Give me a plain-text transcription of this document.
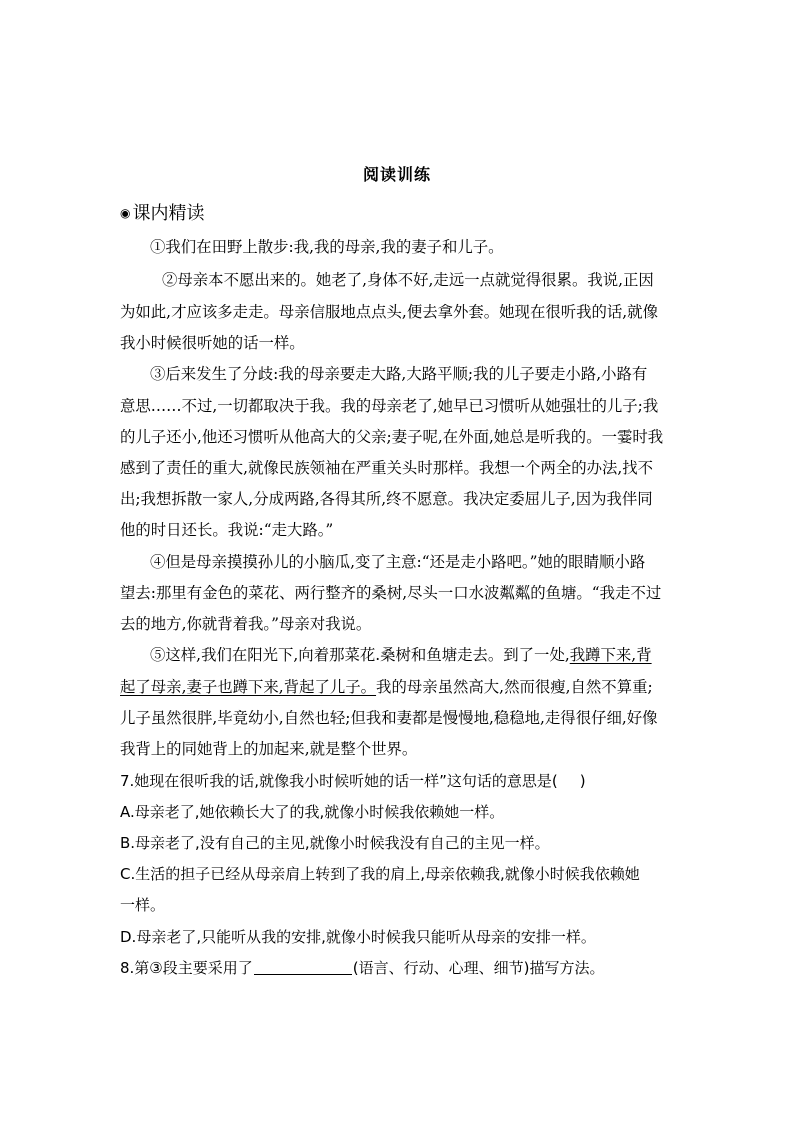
阅读训练
◉ 课内精读
①我们在田野上散步:我,我的母亲,我的妻子和儿子。
②母亲本不愿出来的。她老了,身体不好,走远一点就觉得很累。我说,正因
为如此,才应该多走走。母亲信服地点点头,便去拿外套。她现在很听我的话,就像
我小时候很听她的话一样。
③后来发生了分歧:我的母亲要走大路,大路平顺;我的儿子要走小路,小路有
意思……不过,一切都取决于我。我的母亲老了,她早已习惯听从她强壮的儿子;我
的儿子还小,他还习惯听从他高大的父亲;妻子呢,在外面,她总是听我的。一霎时我
感到了责任的重大,就像民族领袖在严重关头时那样。我想一个两全的办法,找不
出;我想拆散一家人,分成两路,各得其所,终不愿意。我决定委屈儿子,因为我伴同
他的时日还长。我说:“走大路。”
④但是母亲摸摸孙儿的小脑瓜,变了主意:“还是走小路吧。”她的眼睛顺小路
望去:那里有金色的菜花、两行整齐的桑树,尽头一口水波粼粼的鱼塘。“我走不过
去的地方,你就背着我。”母亲对我说。
⑤这样,我们在阳光下,向着那菜花.桑树和鱼塘走去。到了一处,我蹲下来,背
起了母亲,妻子也蹲下来,背起了儿子。我的母亲虽然高大,然而很瘦,自然不算重;
儿子虽然很胖,毕竟幼小,自然也轻;但我和妻都是慢慢地,稳稳地,走得很仔细,好像
我背上的同她背上的加起来,就是整个世界。
7.她现在很听我的话,就像我小时候听她的话一样”这句话的意思是( )
A.母亲老了,她依赖长大了的我,就像小时候我依赖她一样。
B.母亲老了,没有自己的主见,就像小时候我没有自己的主见一样。
C.生活的担子已经从母亲肩上转到了我的肩上,母亲依赖我,就像小时候我依赖她
一样。
D.母亲老了,只能听从我的安排,就像小时候我只能听从母亲的安排一样。
8.第③段主要采用了	(语言、行动、心理、细节)描写方法。
